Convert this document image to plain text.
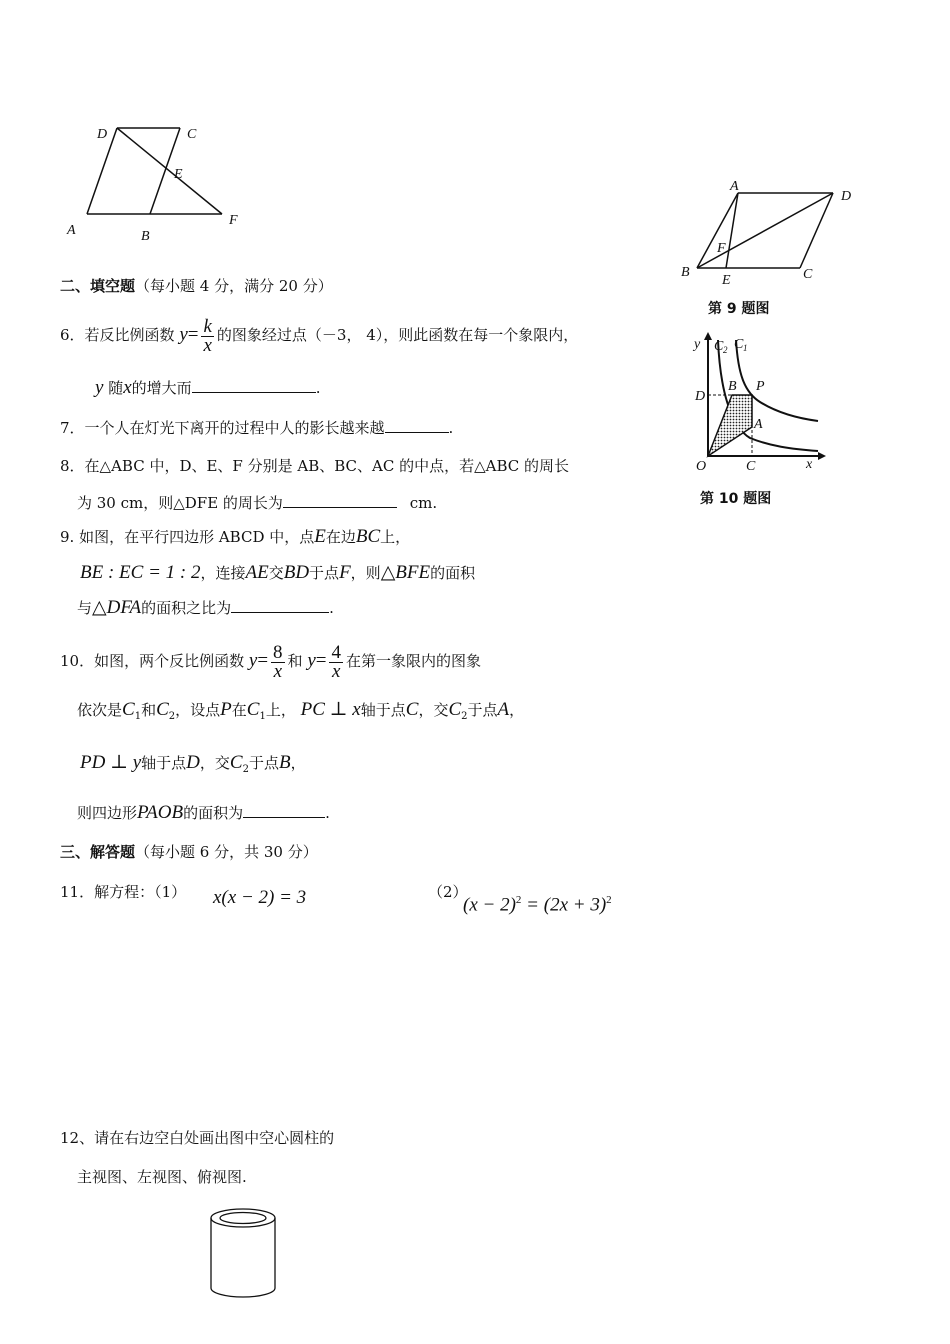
D	C
E
A	B
F
A
D
F
B
E	C
第 9 题图
y C 2 C 1
D
B P
A
O	C	x
第 10 题图
二、填空题（每小题 4 分，满分 20 分）
6．若反比例函数 $y= \frac{k}{x}$ 的图象经过点（－3， 4），则此函数在每一个象限内，
y 随x的增大而	.
7．一个人在灯光下离开的过程中人的影长越来越	.
8．在△ABC 中，D、E、F 分别是 AB、BC、AC 的中点，若△ABC 的周长
为 30 cm，则△DFE 的周长为	cm.
9. 如图，在平行四边形 ABCD 中，点E在边BC上，
BE : EC = 1 : 2，连接AE交BD于点F，则△BFE的面积
与△DFA的面积之比为	.
10．如图，两个反比例函数 $y= \frac{8}{x}$ 和 $y= \frac{4}{x}$ 在第一象限内的图象
依次是$C_1$和$C_2$，设点P在$C_1$上， PC ⊥ x轴于点C，交$C_2$于点A，
PD ⊥ y轴于点D，交$C_2$于点B，
则四边形PAOB的面积为	.
三、解答题（每小题 6 分，共 30 分）
11．解方程：（1） x(x − 2) = 3	（2）
$(x - 2)^2 = (2x + 3)^2$
12、请在右边空白处画出图中空心圆柱的
主视图、左视图、俯视图.
